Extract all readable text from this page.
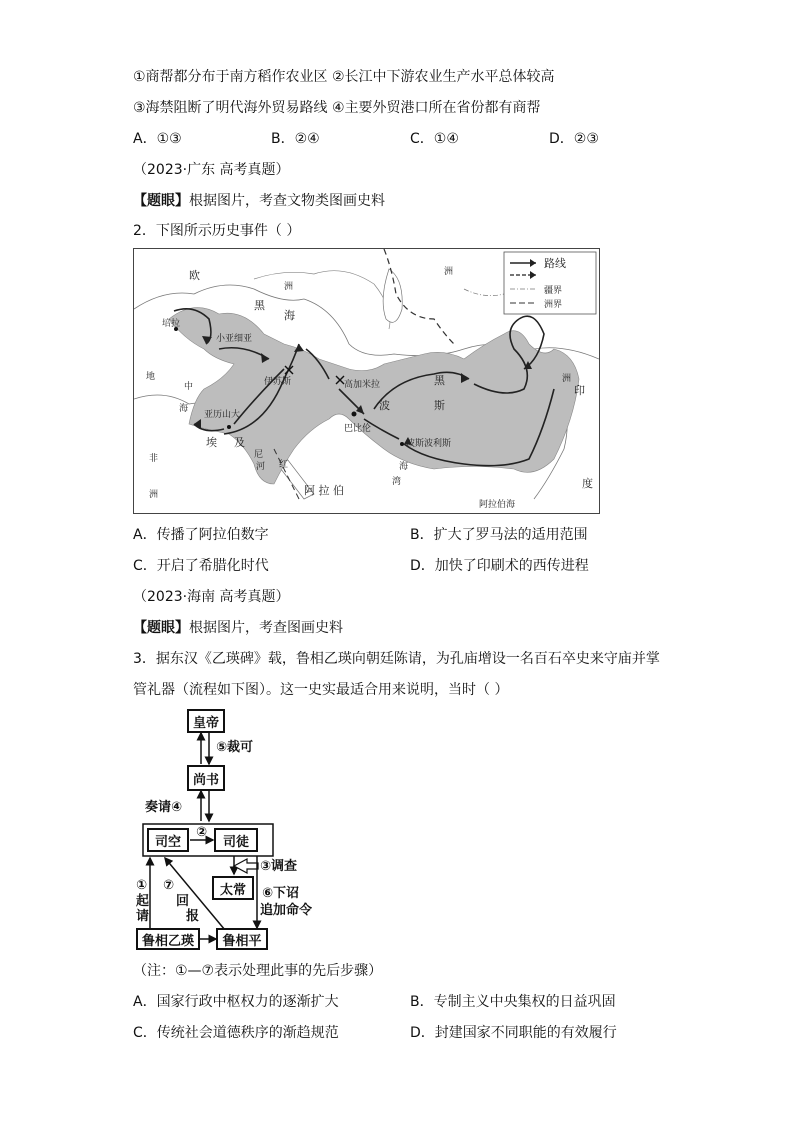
①商帮都分布于南方稻作农业区 ②长江中下游农业生产水平总体较高
③海禁阻断了明代海外贸易路线 ④主要外贸港口所在省份都有商帮
A．①③	B．②④	C．①④	D．②③
（2023·广东 高考真题）
【题眼】根据图片，考查文物类图画史料
2．下图所示历史事件（ ）
路线
疆界
洲界
欧
洲
洲
培拉
小亚细亚
黑
海
伊苏斯	高加米拉
巴比伦
波斯波利斯
波	斯
黑
亚历山大
埃 及
非
洲	阿 拉 伯
阿拉伯海
印
度
地
中
海
红
尼
湾
河	海
洲
A．传播了阿拉伯数字	B．扩大了罗马法的适用范围
C．开启了希腊化时代	D．加快了印刷术的西传进程
（2023·海南 高考真题）
【题眼】根据图片，考查图画史料
3．据东汉《乙瑛碑》载，鲁相乙瑛向朝廷陈请，为孔庙增设一名百石卒史来守庙并掌
管礼器（流程如下图）。这一史实最适合用来说明，当时（ ）
皇帝
尚书
司空	司徒
太常
鲁相乙瑛	鲁相平
⑤裁可
奏请④
②
③调查
⑥下诏
追加命令
①
起
请
⑦
回
报
（注：①—⑦表示处理此事的先后步骤）
A．国家行政中枢权力的逐渐扩大	B．专制主义中央集权的日益巩固
C．传统社会道德秩序的渐趋规范	D．封建国家不同职能的有效履行
